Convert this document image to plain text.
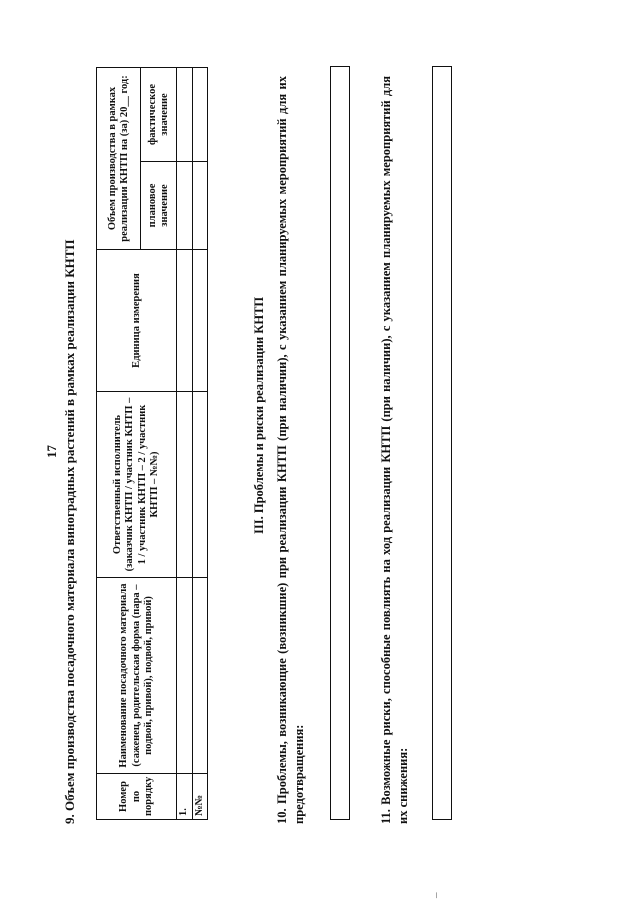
17 9. Объем производства посадочного материала виноградных растений в рамках реализации КНТП	Номер по порядку	Наименование посадочного материала (саженец, родительская форма (пара – подвой, привой), подвой, привой)	Ответственный исполнитель (заказчик КНТП / участник КНТП – 1 / участник КНТП – 2 / участник КНТП – №№)	Единица измерения	Объем производства в рамках реализации КНТП на (за) 20__ год:	
				плановое значение	фактическое значение
1.					
№№					
III. Проблемы и риски реализации КНТП 10. Проблемы, возникающие (возникшие) при реализации КНТП (при наличии), с указанием планируемых мероприятий для их предотвращения:	11. Возможные риски, способные повлиять на ход реализации КНТП (при наличии), с указанием планируемых мероприятий для их снижения:
–
